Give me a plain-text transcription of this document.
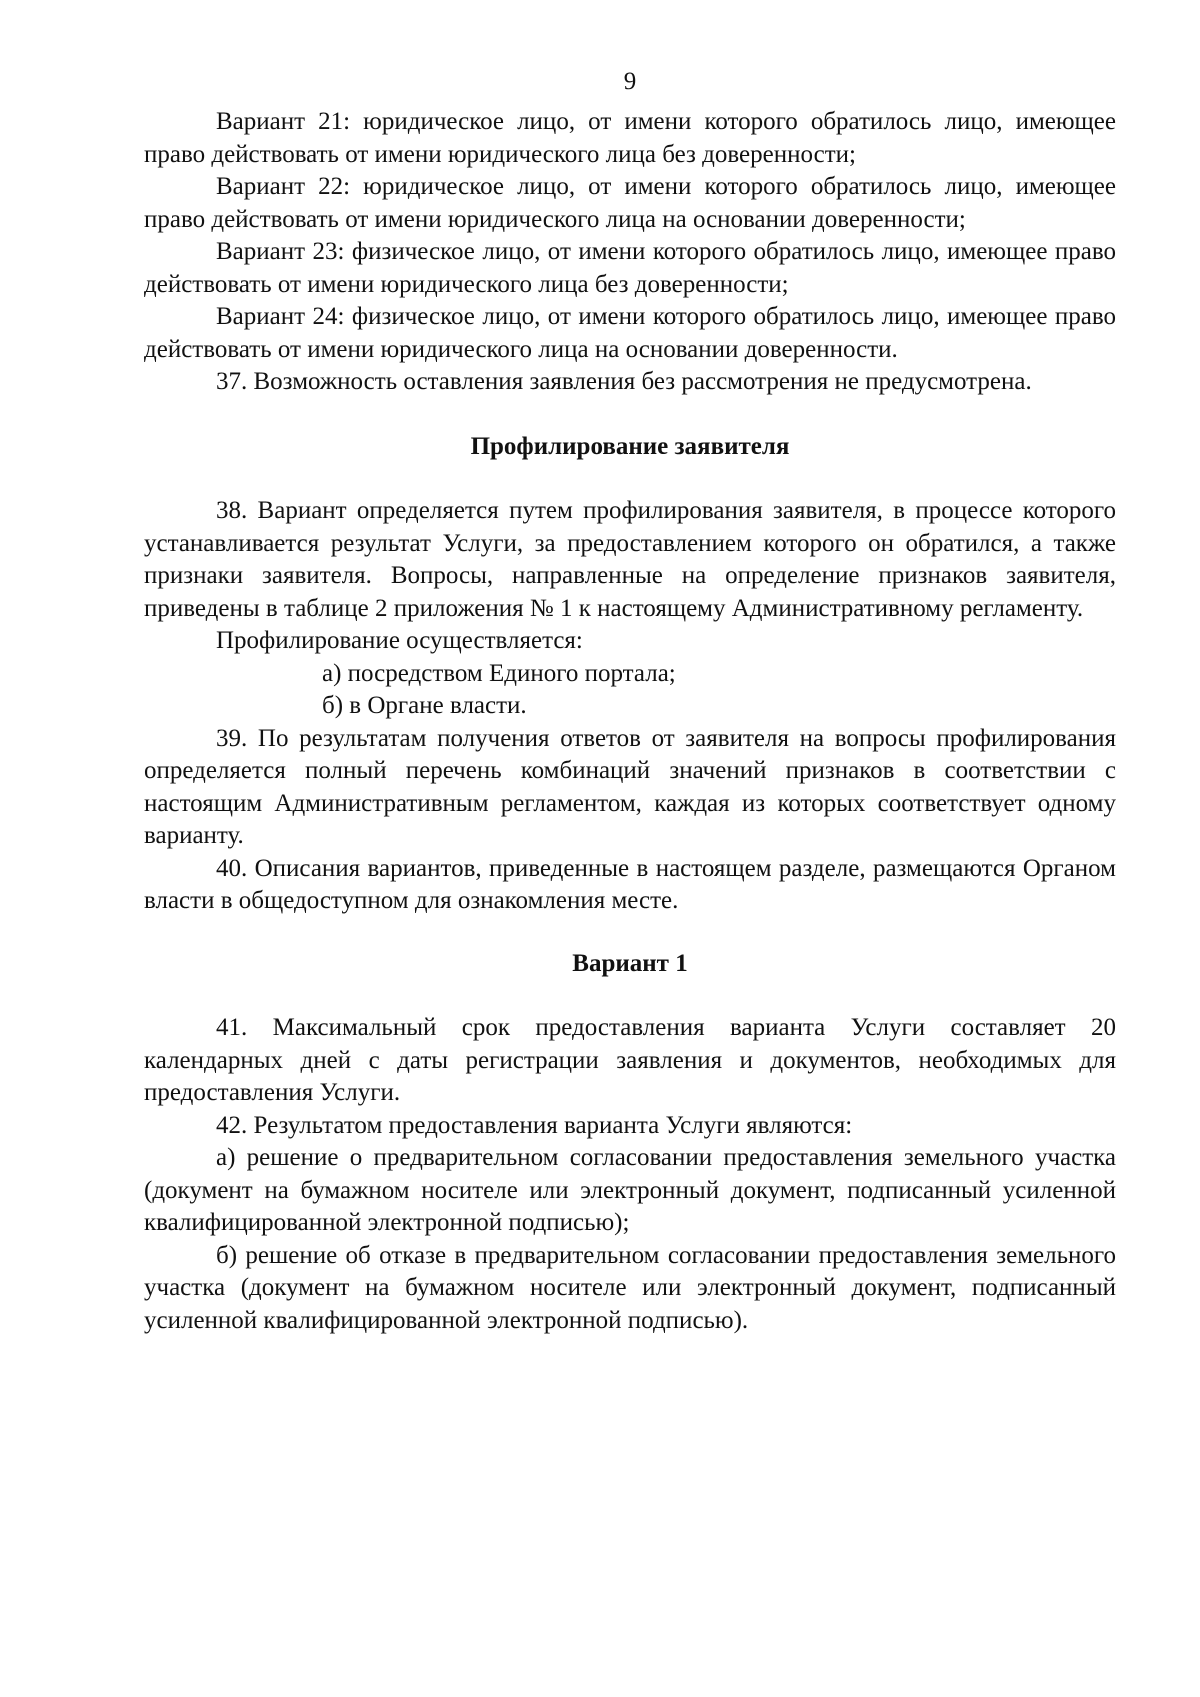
9

Вариант 21: юридическое лицо, от имени которого обратилось лицо, имеющее право действовать от имени юридического лица без доверенности;

Вариант 22: юридическое лицо, от имени которого обратилось лицо, имеющее право действовать от имени юридического лица на основании доверенности;

Вариант 23: физическое лицо, от имени которого обратилось лицо, имеющее право действовать от имени юридического лица без доверенности;

Вариант 24: физическое лицо, от имени которого обратилось лицо, имеющее право действовать от имени юридического лица на основании доверенности.

37. Возможность оставления заявления без рассмотрения не предусмотрена.

Профилирование заявителя

38. Вариант определяется путем профилирования заявителя, в процессе которого устанавливается результат Услуги, за предоставлением которого он обратился, а также признаки заявителя. Вопросы, направленные на определение признаков заявителя, приведены в таблице 2 приложения № 1 к настоящему Административному регламенту.

Профилирование осуществляется:

а) посредством Единого портала;
б) в Органе власти.

39. По результатам получения ответов от заявителя на вопросы профилирования определяется полный перечень комбинаций значений признаков в соответствии с настоящим Административным регламентом, каждая из которых соответствует одному варианту.

40. Описания вариантов, приведенные в настоящем разделе, размещаются Органом власти в общедоступном для ознакомления месте.

Вариант 1

41. Максимальный срок предоставления варианта Услуги составляет 20 календарных дней с даты регистрации заявления и документов, необходимых для предоставления Услуги.

42. Результатом предоставления варианта Услуги являются:

а) решение о предварительном согласовании предоставления земельного участка (документ на бумажном носителе или электронный документ, подписанный усиленной квалифицированной электронной подписью);

б) решение об отказе в предварительном согласовании предоставления земельного участка (документ на бумажном носителе или электронный документ, подписанный усиленной квалифицированной электронной подписью).
